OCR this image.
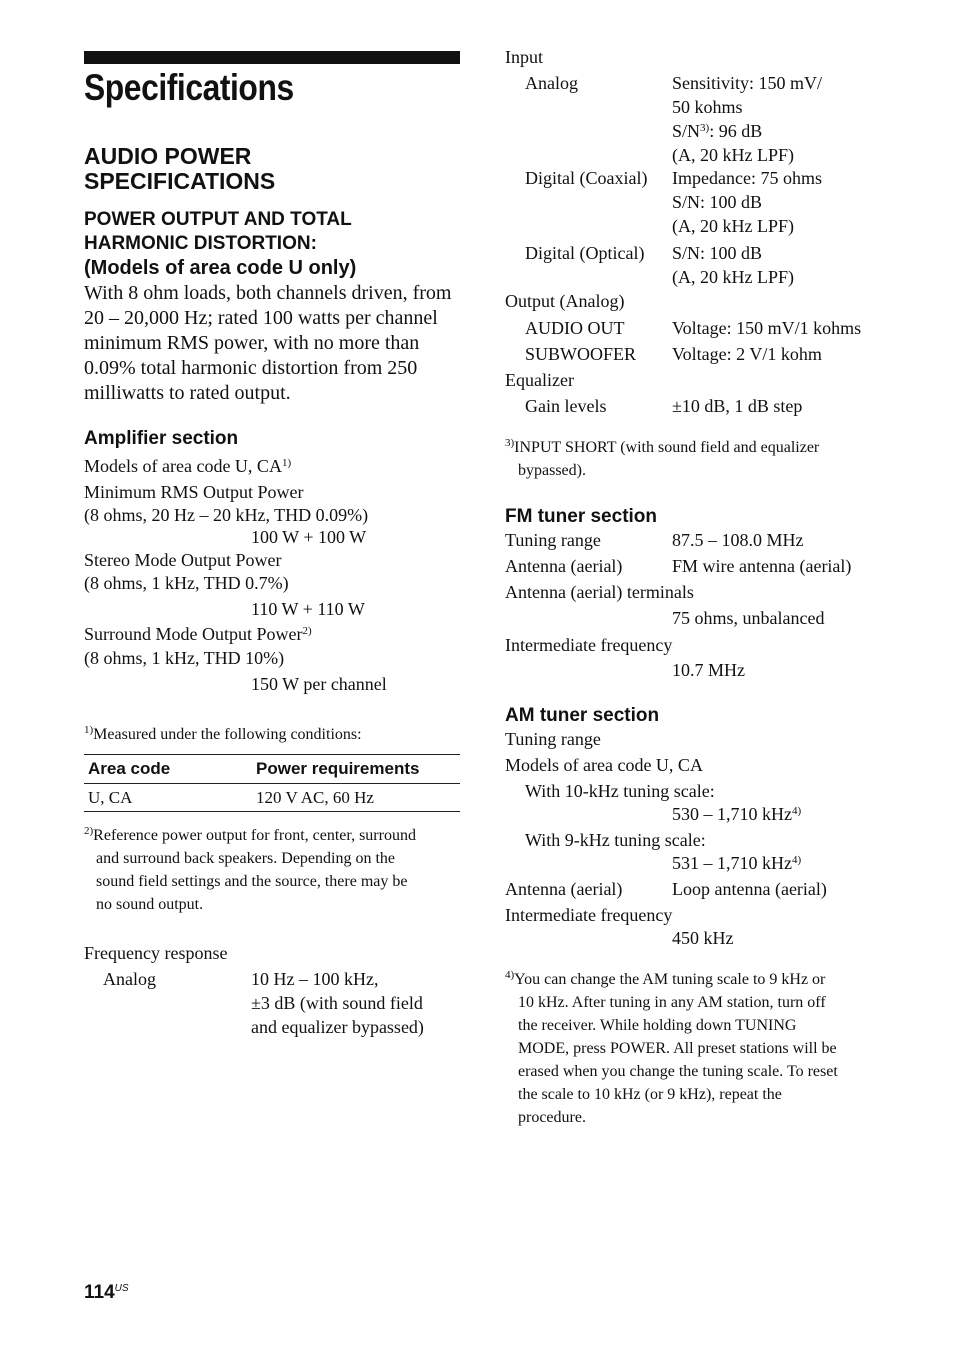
Specifications
AUDIO POWER
SPECIFICATIONS
POWER OUTPUT AND TOTAL
HARMONIC DISTORTION:
(Models of area code U only)
With 8 ohm loads, both channels driven, from
20 – 20,000 Hz; rated 100 watts per channel
minimum RMS power, with no more than
0.09% total harmonic distortion from 250
milliwatts to rated output.
Amplifier section
Models of area code U, CA$^{1)}$
Minimum RMS Output Power
(8 ohms, 20 Hz – 20 kHz, THD 0.09%)
100 W + 100 W
Stereo Mode Output Power
(8 ohms, 1 kHz, THD 0.7%)
110 W + 110 W
Surround Mode Output Power$^{2)}$
(8 ohms, 1 kHz, THD 10%)
150 W per channel
$^{1)}$Measured under the following conditions:
Area code	Power requirements
U, CA	120 V AC, 60 Hz
$^{2)}$Reference power output for front, center, surround
and surround back speakers. Depending on the
sound field settings and the source, there may be
no sound output.
Frequency response
Analog	10 Hz – 100 kHz,
±3 dB (with sound field
and equalizer bypassed)
Input
Analog	Sensitivity: 150 mV/
50 kohms
$S/N^{3)}$: 96 dB
(A, 20 kHz LPF)
Digital (Coaxial) Impedance: 75 ohms
S/N: 100 dB
(A, 20 kHz LPF)
Digital (Optical) S/N: 100 dB
(A, 20 kHz LPF)
Output (Analog)
AUDIO OUT	Voltage: 150 mV/1 kohms
SUBWOOFER Voltage: 2 V/1 kohm
Equalizer
Gain levels	±10 dB, 1 dB step
$^{3)}$INPUT SHORT (with sound field and equalizer
bypassed).
FM tuner section
Tuning range	87.5 – 108.0 MHz
Antenna (aerial)	FM wire antenna (aerial)
Antenna (aerial) terminals
75 ohms, unbalanced
Intermediate frequency
10.7 MHz
AM tuner section
Tuning range
Models of area code U, CA
With 10-kHz tuning scale:
530 – 1,710 kHz$^{4)}$
With 9-kHz tuning scale:
531 – 1,710 kHz$^{4)}$
Antenna (aerial)	Loop antenna (aerial)
Intermediate frequency
450 kHz
$^{4)}$You can change the AM tuning scale to 9 kHz or
10 kHz. After tuning in any AM station, turn off
the receiver. While holding down TUNING
MODE, press POWER. All preset stations will be
erased when you change the tuning scale. To reset
the scale to 10 kHz (or 9 kHz), repeat the
procedure.
$114^{US}$
